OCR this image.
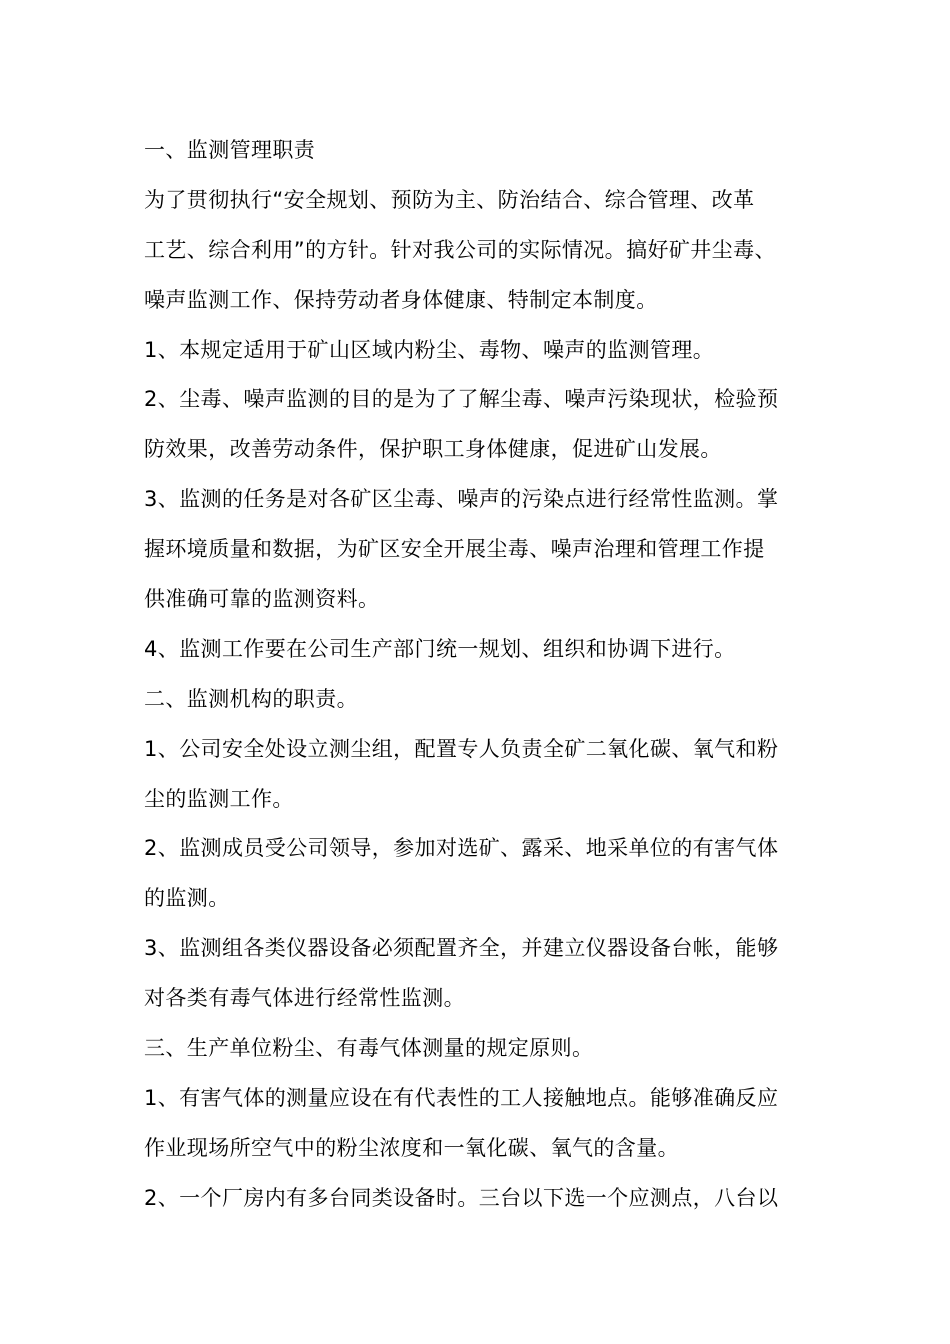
一、监测管理职责
为了贯彻执行“安全规划、预防为主、防治结合、综合管理、改革
工艺、综合利用”的方针。针对我公司的实际情况。搞好矿井尘毒、
噪声监测工作、保持劳动者身体健康、特制定本制度。
1、本规定适用于矿山区域内粉尘、毒物、噪声的监测管理。
2、尘毒、噪声监测的目的是为了了解尘毒、噪声污染现状，检验预
防效果，改善劳动条件，保护职工身体健康，促进矿山发展。
3、监测的任务是对各矿区尘毒、噪声的污染点进行经常性监测。掌
握环境质量和数据，为矿区安全开展尘毒、噪声治理和管理工作提
供准确可靠的监测资料。
4、监测工作要在公司生产部门统一规划、组织和协调下进行。
二、监测机构的职责。
1、公司安全处设立测尘组，配置专人负责全矿二氧化碳、氧气和粉
尘的监测工作。
2、监测成员受公司领导，参加对选矿、露采、地采单位的有害气体
的监测。
3、监测组各类仪器设备必须配置齐全，并建立仪器设备台帐，能够
对各类有毒气体进行经常性监测。
三、生产单位粉尘、有毒气体测量的规定原则。
1、有害气体的测量应设在有代表性的工人接触地点。能够准确反应
作业现场所空气中的粉尘浓度和一氧化碳、氧气的含量。
2、一个厂房内有多台同类设备时。三台以下选一个应测点，八台以
